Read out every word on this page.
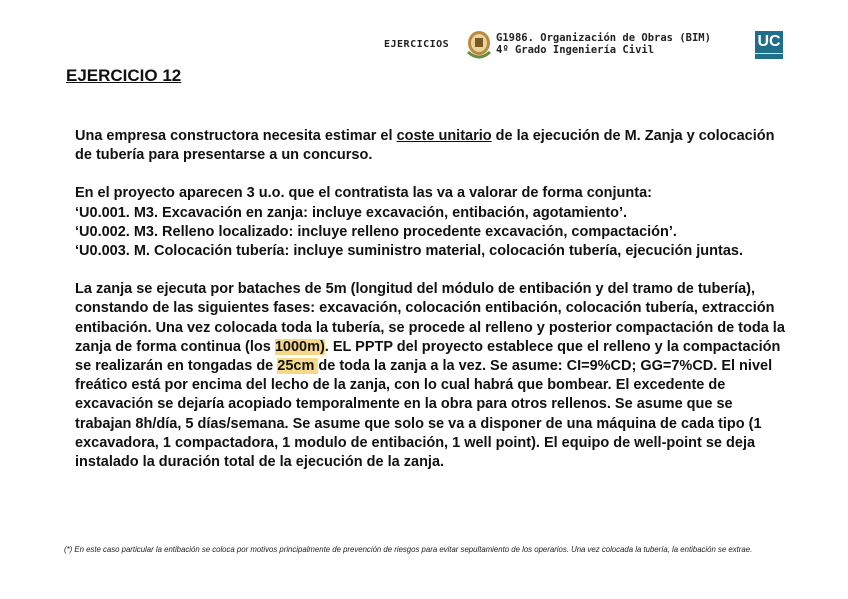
EJERCICIOS
G1986. Organización de Obras (BIM)
4º Grado Ingeniería Civil	UC
EJERCICIO 12

Una empresa constructora necesita estimar el coste unitario de la ejecución de M. Zanja y colocación de tubería para presentarse a un concurso.

En el proyecto aparecen 3 u.o. que el contratista las va a valorar de forma conjunta:
‘U0.001. M3. Excavación en zanja: incluye excavación, entibación, agotamiento’.
‘U0.002. M3. Relleno localizado: incluye relleno procedente excavación, compactación’.
‘U0.003. M. Colocación tubería: incluye suministro material, colocación tubería, ejecución juntas.

La zanja se ejecuta por bataches de 5m (longitud del módulo de entibación y del tramo de tubería), constando de las siguientes fases: excavación, colocación entibación, colocación tubería, extracción entibación. Una vez colocada toda la tubería, se procede al relleno y posterior compactación de toda la zanja de forma continua (los 1000m). EL PPTP del proyecto establece que el relleno y la compactación se realizarán en tongadas de 25cm de toda la zanja a la vez. Se asume: CI=9%CD; GG=7%CD. El nivel freático está por encima del lecho de la zanja, con lo cual habrá que bombear. El excedente de excavación se dejaría acopiado temporalmente en la obra para otros rellenos. Se asume que se trabajan 8h/día, 5 días/semana. Se asume que solo se va a disponer de una máquina de cada tipo (1 excavadora, 1 compactadora, 1 modulo de entibación, 1 well point). El equipo de well-point se deja instalado la duración total de la ejecución de la zanja.

(*) En este caso particular la entibación se coloca por motivos principalmente de prevención de riesgos para evitar sepultamiento de los operarios. Una vez colocada la tubería, la entibación se extrae.
